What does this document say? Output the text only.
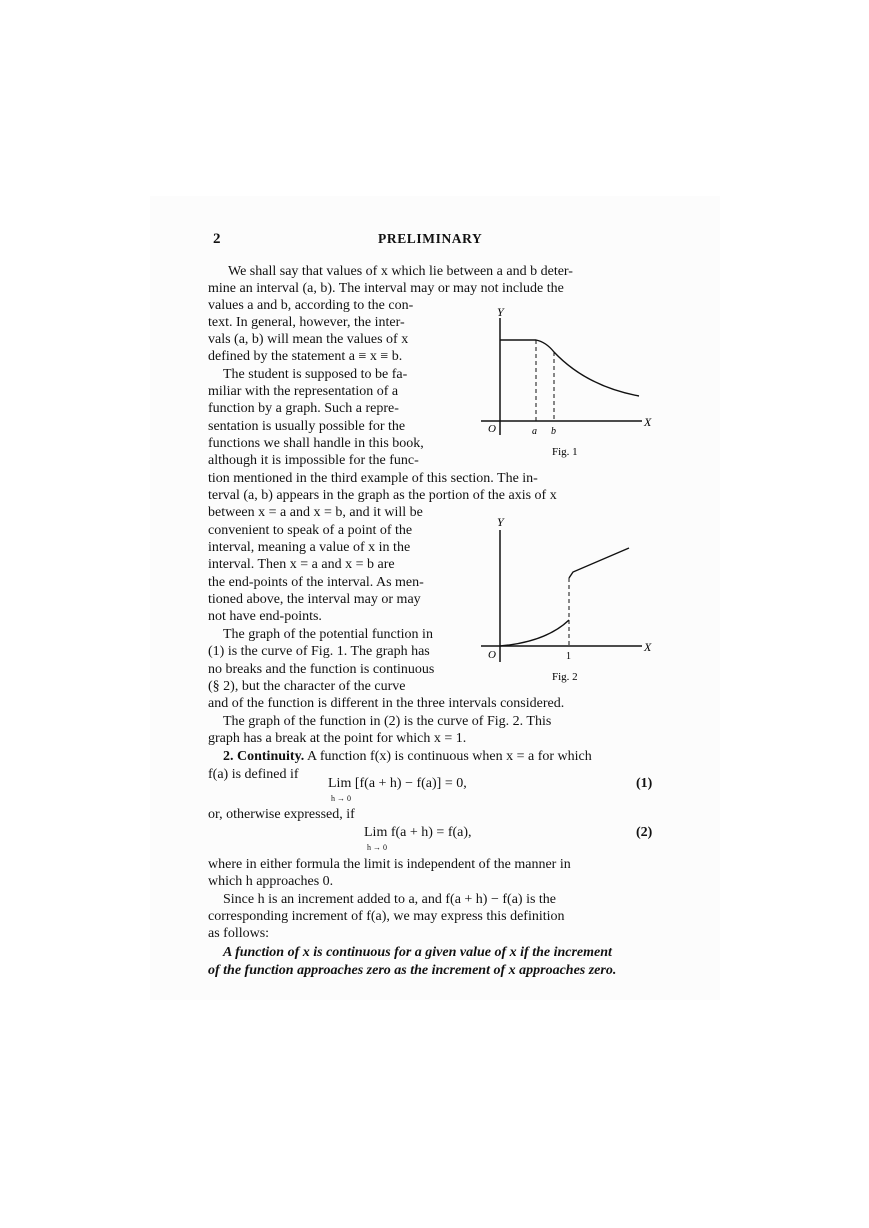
2	PRELIMINARY
We shall say that values of x which lie between a and b deter-
mine an interval (a, b). The interval may or may not include the
values a and b, according to the con-
text. In general, however, the inter-
vals (a, b) will mean the values of x
defined by the statement a ≡ x ≡ b.
The student is supposed to be fa-
miliar with the representation of a
function by a graph. Such a repre-
sentation is usually possible for the
functions we shall handle in this book,
although it is impossible for the func-
tion mentioned in the third example of this section. The in-
terval (a, b) appears in the graph as the portion of the axis of x
between x = a and x = b, and it will be
convenient to speak of a point of the
interval, meaning a value of x in the
interval. Then x = a and x = b are
the end-points of the interval. As men-
tioned above, the interval may or may
not have end-points.
The graph of the potential function in
(1) is the curve of Fig. 1. The graph has
no breaks and the function is continuous
(§ 2), but the character of the curve
and of the function is different in the three intervals considered.
The graph of the function in (2) is the curve of Fig. 2. This
graph has a break at the point for which x = 1.
2. Continuity. A function f(x) is continuous when x = a for which
f(a) is defined if
Lim [f(a + h) − f(a)] = 0,
h → 0
(1)
or, otherwise expressed, if
Lim f(a + h) = f(a),
h → 0
(2)
where in either formula the limit is independent of the manner in
which h approaches 0.
Since h is an increment added to a, and f(a + h) − f(a) is the
corresponding increment of f(a), we may express this definition
as follows:
A function of x is continuous for a given value of x if the increment
of the function approaches zero as the increment of x approaches zero.
Y
X
O	a b
Fig. 1
Y
X
O	1
Fig. 2
